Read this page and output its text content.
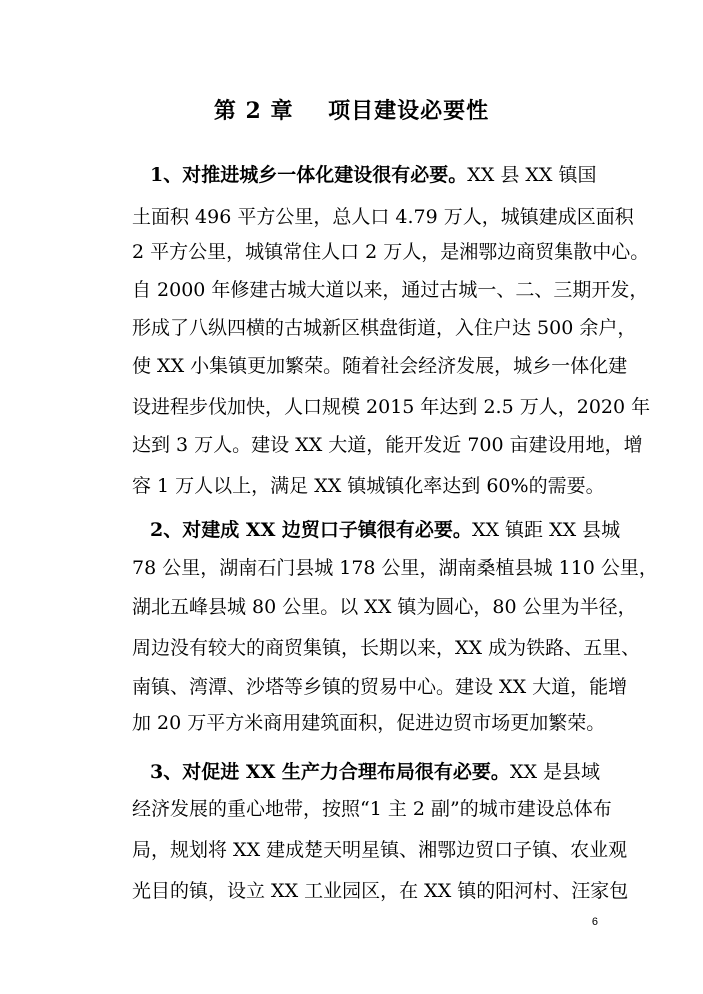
第 2 章    项目建设必要性
1、对推进城乡一体化建设很有必要。XX 县 XX 镇国
土面积 496 平方公里，总人口 4.79 万人，城镇建成区面积
2 平方公里，城镇常住人口 2 万人，是湘鄂边商贸集散中心。
自 2000 年修建古城大道以来，通过古城一、二、三期开发，
形成了八纵四横的古城新区棋盘街道，入住户达 500 余户，
使 XX 小集镇更加繁荣。随着社会经济发展，城乡一体化建
设进程步伐加快，人口规模 2015 年达到 2.5 万人，2020 年
达到 3 万人。建设 XX 大道，能开发近 700 亩建设用地，增
容 1 万人以上，满足 XX 镇城镇化率达到 60%的需要。
2、对建成 XX 边贸口子镇很有必要。XX 镇距 XX 县城
78 公里，湖南石门县城 178 公里，湖南桑植县城 110 公里，
湖北五峰县城 80 公里。以 XX 镇为圆心，80 公里为半径，
周边没有较大的商贸集镇，长期以来，XX 成为铁路、五里、
南镇、湾潭、沙塔等乡镇的贸易中心。建设 XX 大道，能增
加 20 万平方米商用建筑面积，促进边贸市场更加繁荣。
3、对促进 XX 生产力合理布局很有必要。XX 是县域
经济发展的重心地带，按照“1 主 2 副”的城市建设总体布
局，规划将 XX 建成楚天明星镇、湘鄂边贸口子镇、农业观
光目的镇，设立 XX 工业园区，在 XX 镇的阳河村、汪家包
6
